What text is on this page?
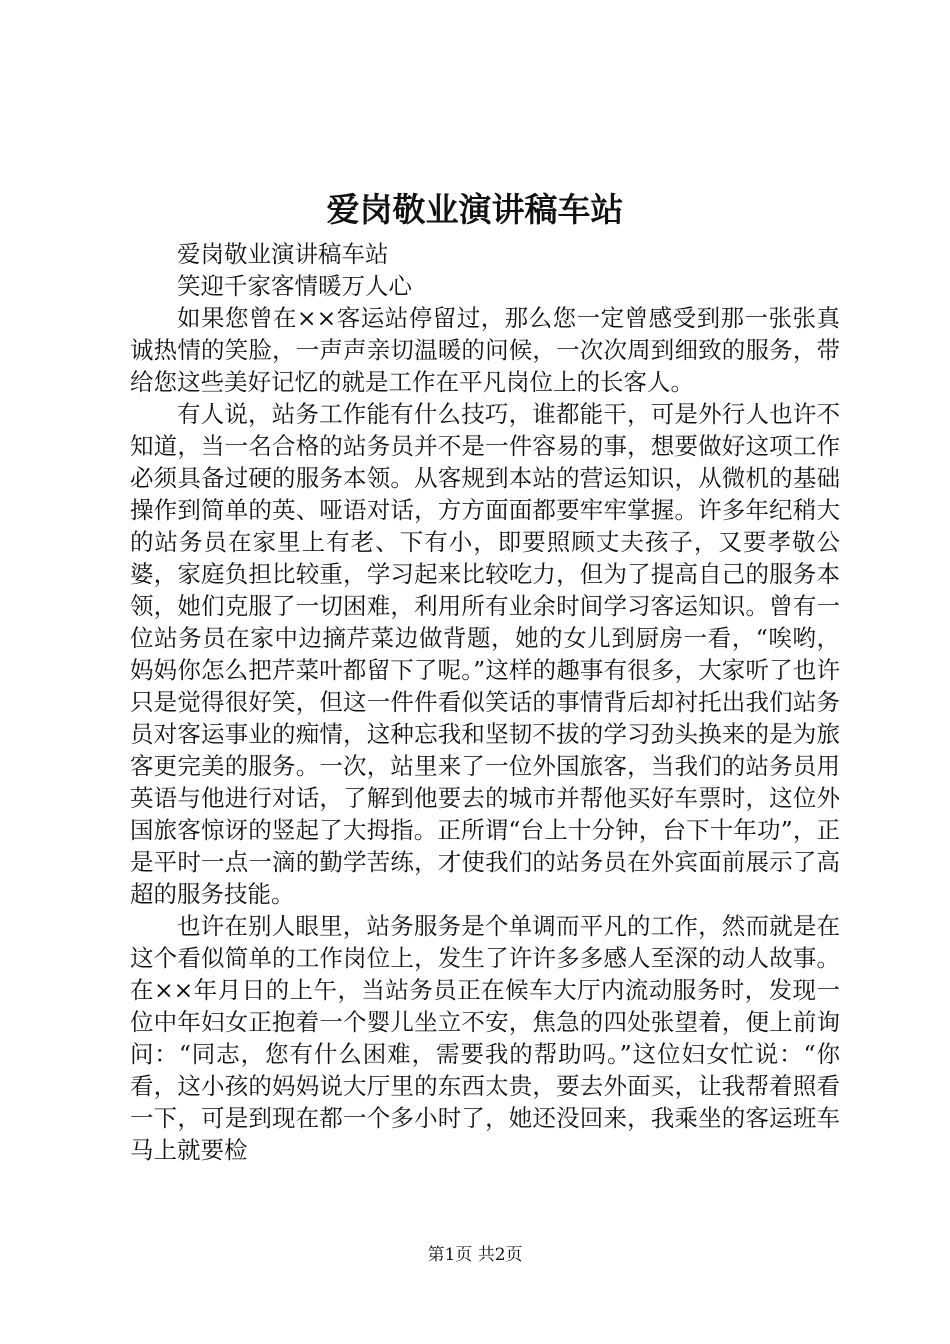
爱岗敬业演讲稿车站

爱岗敬业演讲稿车站

笑迎千家客情暖万人心

如果您曾在××客运站停留过，那么您一定曾感受到那一张张真诚热情的笑脸，一声声亲切温暖的问候，一次次周到细致的服务，带给您这些美好记忆的就是工作在平凡岗位上的长客人。

有人说，站务工作能有什么技巧，谁都能干，可是外行人也许不知道，当一名合格的站务员并不是一件容易的事，想要做好这项工作必须具备过硬的服务本领。从客规到本站的营运知识，从微机的基础操作到简单的英、哑语对话，方方面面都要牢牢掌握。许多年纪稍大的站务员在家里上有老、下有小，即要照顾丈夫孩子，又要孝敬公婆，家庭负担比较重，学习起来比较吃力，但为了提高自己的服务本领，她们克服了一切困难，利用所有业余时间学习客运知识。曾有一位站务员在家中边摘芹菜边做背题，她的女儿到厨房一看，“唉哟，妈妈你怎么把芹菜叶都留下了呢。”这样的趣事有很多，大家听了也许只是觉得很好笑，但这一件件看似笑话的事情背后却衬托出我们站务员对客运事业的痴情，这种忘我和坚韧不拔的学习劲头换来的是为旅客更完美的服务。一次，站里来了一位外国旅客，当我们的站务员用英语与他进行对话，了解到他要去的城市并帮他买好车票时，这位外国旅客惊讶的竖起了大拇指。正所谓“台上十分钟，台下十年功”，正是平时一点一滴的勤学苦练，才使我们的站务员在外宾面前展示了高超的服务技能。

也许在别人眼里，站务服务是个单调而平凡的工作，然而就是在这个看似简单的工作岗位上，发生了许许多多感人至深的动人故事。在××年月日的上午，当站务员正在候车大厅内流动服务时，发现一位中年妇女正抱着一个婴儿坐立不安，焦急的四处张望着，便上前询问：“同志，您有什么困难，需要我的帮助吗。”这位妇女忙说：“你看，这小孩的妈妈说大厅里的东西太贵，要去外面买，让我帮着照看一下，可是到现在都一个多小时了，她还没回来，我乘坐的客运班车马上就要检

第1页 共2页
